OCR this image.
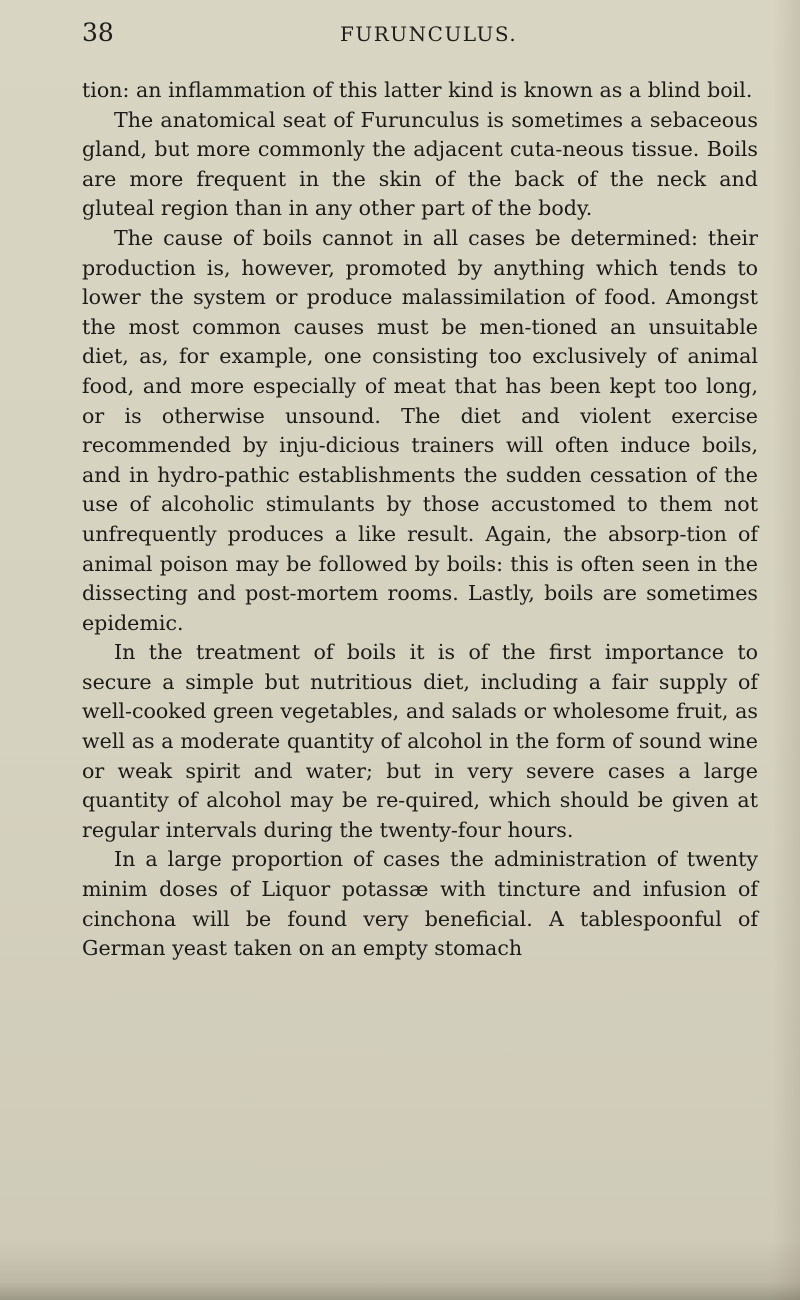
38	FURUNCULUS.

tion: an inflammation of this latter kind is known as a blind boil.

The anatomical seat of Furunculus is sometimes a sebaceous gland, but more commonly the adjacent cuta-neous tissue. Boils are more frequent in the skin of the back of the neck and gluteal region than in any other part of the body.

The cause of boils cannot in all cases be determined: their production is, however, promoted by anything which tends to lower the system or produce malassimilation of food. Amongst the most common causes must be men-tioned an unsuitable diet, as, for example, one consisting too exclusively of animal food, and more especially of meat that has been kept too long, or is otherwise unsound. The diet and violent exercise recommended by inju-dicious trainers will often induce boils, and in hydro-pathic establishments the sudden cessation of the use of alcoholic stimulants by those accustomed to them not unfrequently produces a like result. Again, the absorp-tion of animal poison may be followed by boils: this is often seen in the dissecting and post-mortem rooms. Lastly, boils are sometimes epidemic.

In the treatment of boils it is of the first importance to secure a simple but nutritious diet, including a fair supply of well-cooked green vegetables, and salads or wholesome fruit, as well as a moderate quantity of alcohol in the form of sound wine or weak spirit and water; but in very severe cases a large quantity of alcohol may be re-quired, which should be given at regular intervals during the twenty-four hours.

In a large proportion of cases the administration of twenty minim doses of Liquor potassæ with tincture and infusion of cinchona will be found very beneficial. A tablespoonful of German yeast taken on an empty stomach
